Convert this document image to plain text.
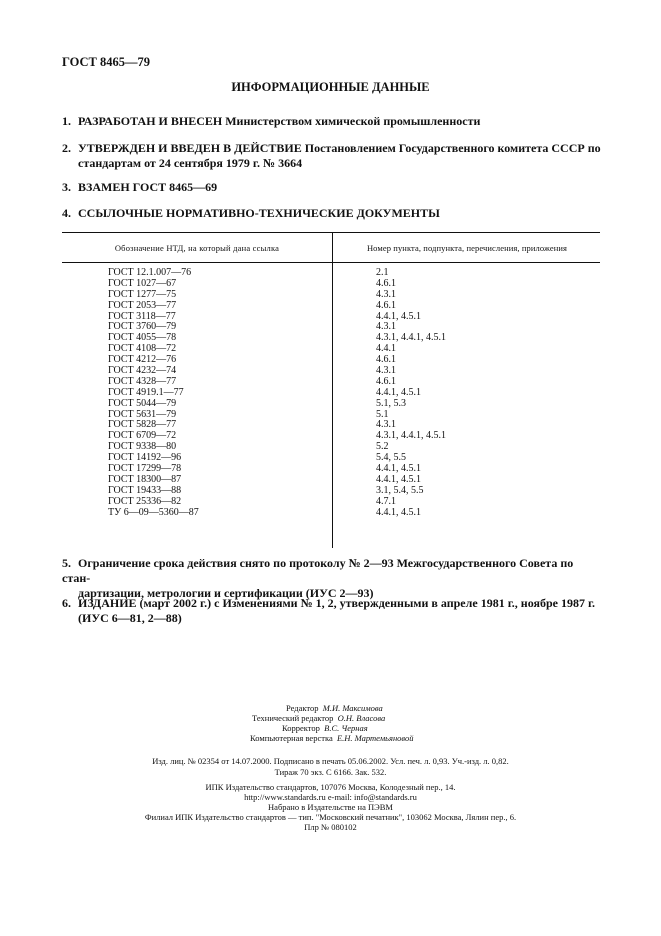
ГОСТ 8465—79
ИНФОРМАЦИОННЫЕ ДАННЫЕ
1. РАЗРАБОТАН И ВНЕСЕН Министерством химической промышленности
2. УТВЕРЖДЕН И ВВЕДЕН В ДЕЙСТВИЕ Постановлением Государственного комитета СССР по
стандартам от 24 сентября 1979 г. № 3664
3. ВЗАМЕН ГОСТ 8465—69
4. ССЫЛОЧНЫЕ НОРМАТИВНО-ТЕХНИЧЕСКИЕ ДОКУМЕНТЫ
Обозначение НТД, на который дана ссылка	Номер пункта, подпункта, перечисления, приложения
ГОСТ 12.1.007—76	2.1
ГОСТ 1027—67	4.6.1
ГОСТ 1277—75	4.3.1
ГОСТ 2053—77	4.6.1
ГОСТ 3118—77	4.4.1, 4.5.1
ГОСТ 3760—79	4.3.1
ГОСТ 4055—78	4.3.1, 4.4.1, 4.5.1
ГОСТ 4108—72	4.4.1
ГОСТ 4212—76	4.6.1
ГОСТ 4232—74	4.3.1
ГОСТ 4328—77	4.6.1
ГОСТ 4919.1—77	4.4.1, 4.5.1
ГОСТ 5044—79	5.1, 5.3
ГОСТ 5631—79	5.1
ГОСТ 5828—77	4.3.1
ГОСТ 6709—72	4.3.1, 4.4.1, 4.5.1
ГОСТ 9338—80	5.2
ГОСТ 14192—96	5.4, 5.5
ГОСТ 17299—78	4.4.1, 4.5.1
ГОСТ 18300—87	4.4.1, 4.5.1
ГОСТ 19433—88	3.1, 5.4, 5.5
ГОСТ 25336—82	4.7.1
ТУ 6—09—5360—87	4.4.1, 4.5.1
5. Ограничение срока действия снято по протоколу № 2—93 Межгосударственного Совета по стан-
дартизации, метрологии и сертификации (ИУС 2—93)
6. ИЗДАНИЕ (март 2002 г.) с Изменениями № 1, 2, утвержденными в апреле 1981 г., ноябре 1987 г.
(ИУС 6—81, 2—88)
Редактор М.И. Максимова
Технический редактор О.Н. Власова
Корректор В.С. Черная
Компьютерная верстка Е.Н. Мартемьяновой
Изд. лиц. № 02354 от 14.07.2000. Подписано в печать 05.06.2002. Усл. печ. л. 0,93. Уч.-изд. л. 0,82.
Тираж 70 экз. С 6166. Зак. 532.
ИПК Издательство стандартов, 107076 Москва, Колодезный пер., 14.
http://www.standards.ru e-mail: info@standards.ru
Набрано в Издательстве на ПЭВМ
Филиал ИПК Издательство стандартов — тип. "Московский печатник", 103062 Москва, Лялин пер., 6.
Плр № 080102
